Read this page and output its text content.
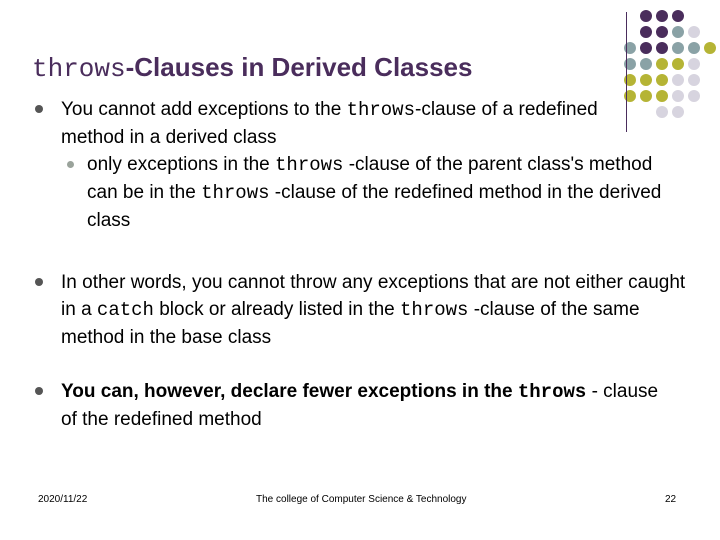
throws-Clauses in Derived Classes
You cannot add exceptions to the throws-clause of a redefined method in a derived class
only exceptions in the throws -clause of the parent class's method can be in the throws -clause of the redefined method in the derived class
In other words, you cannot throw any exceptions that are not either caught in a catch block or already listed in the throws -clause of the same method in the base class
You can, however, declare fewer exceptions in the throws - clause of the redefined method
2020/11/22	The college of Computer Science & Technology	22
